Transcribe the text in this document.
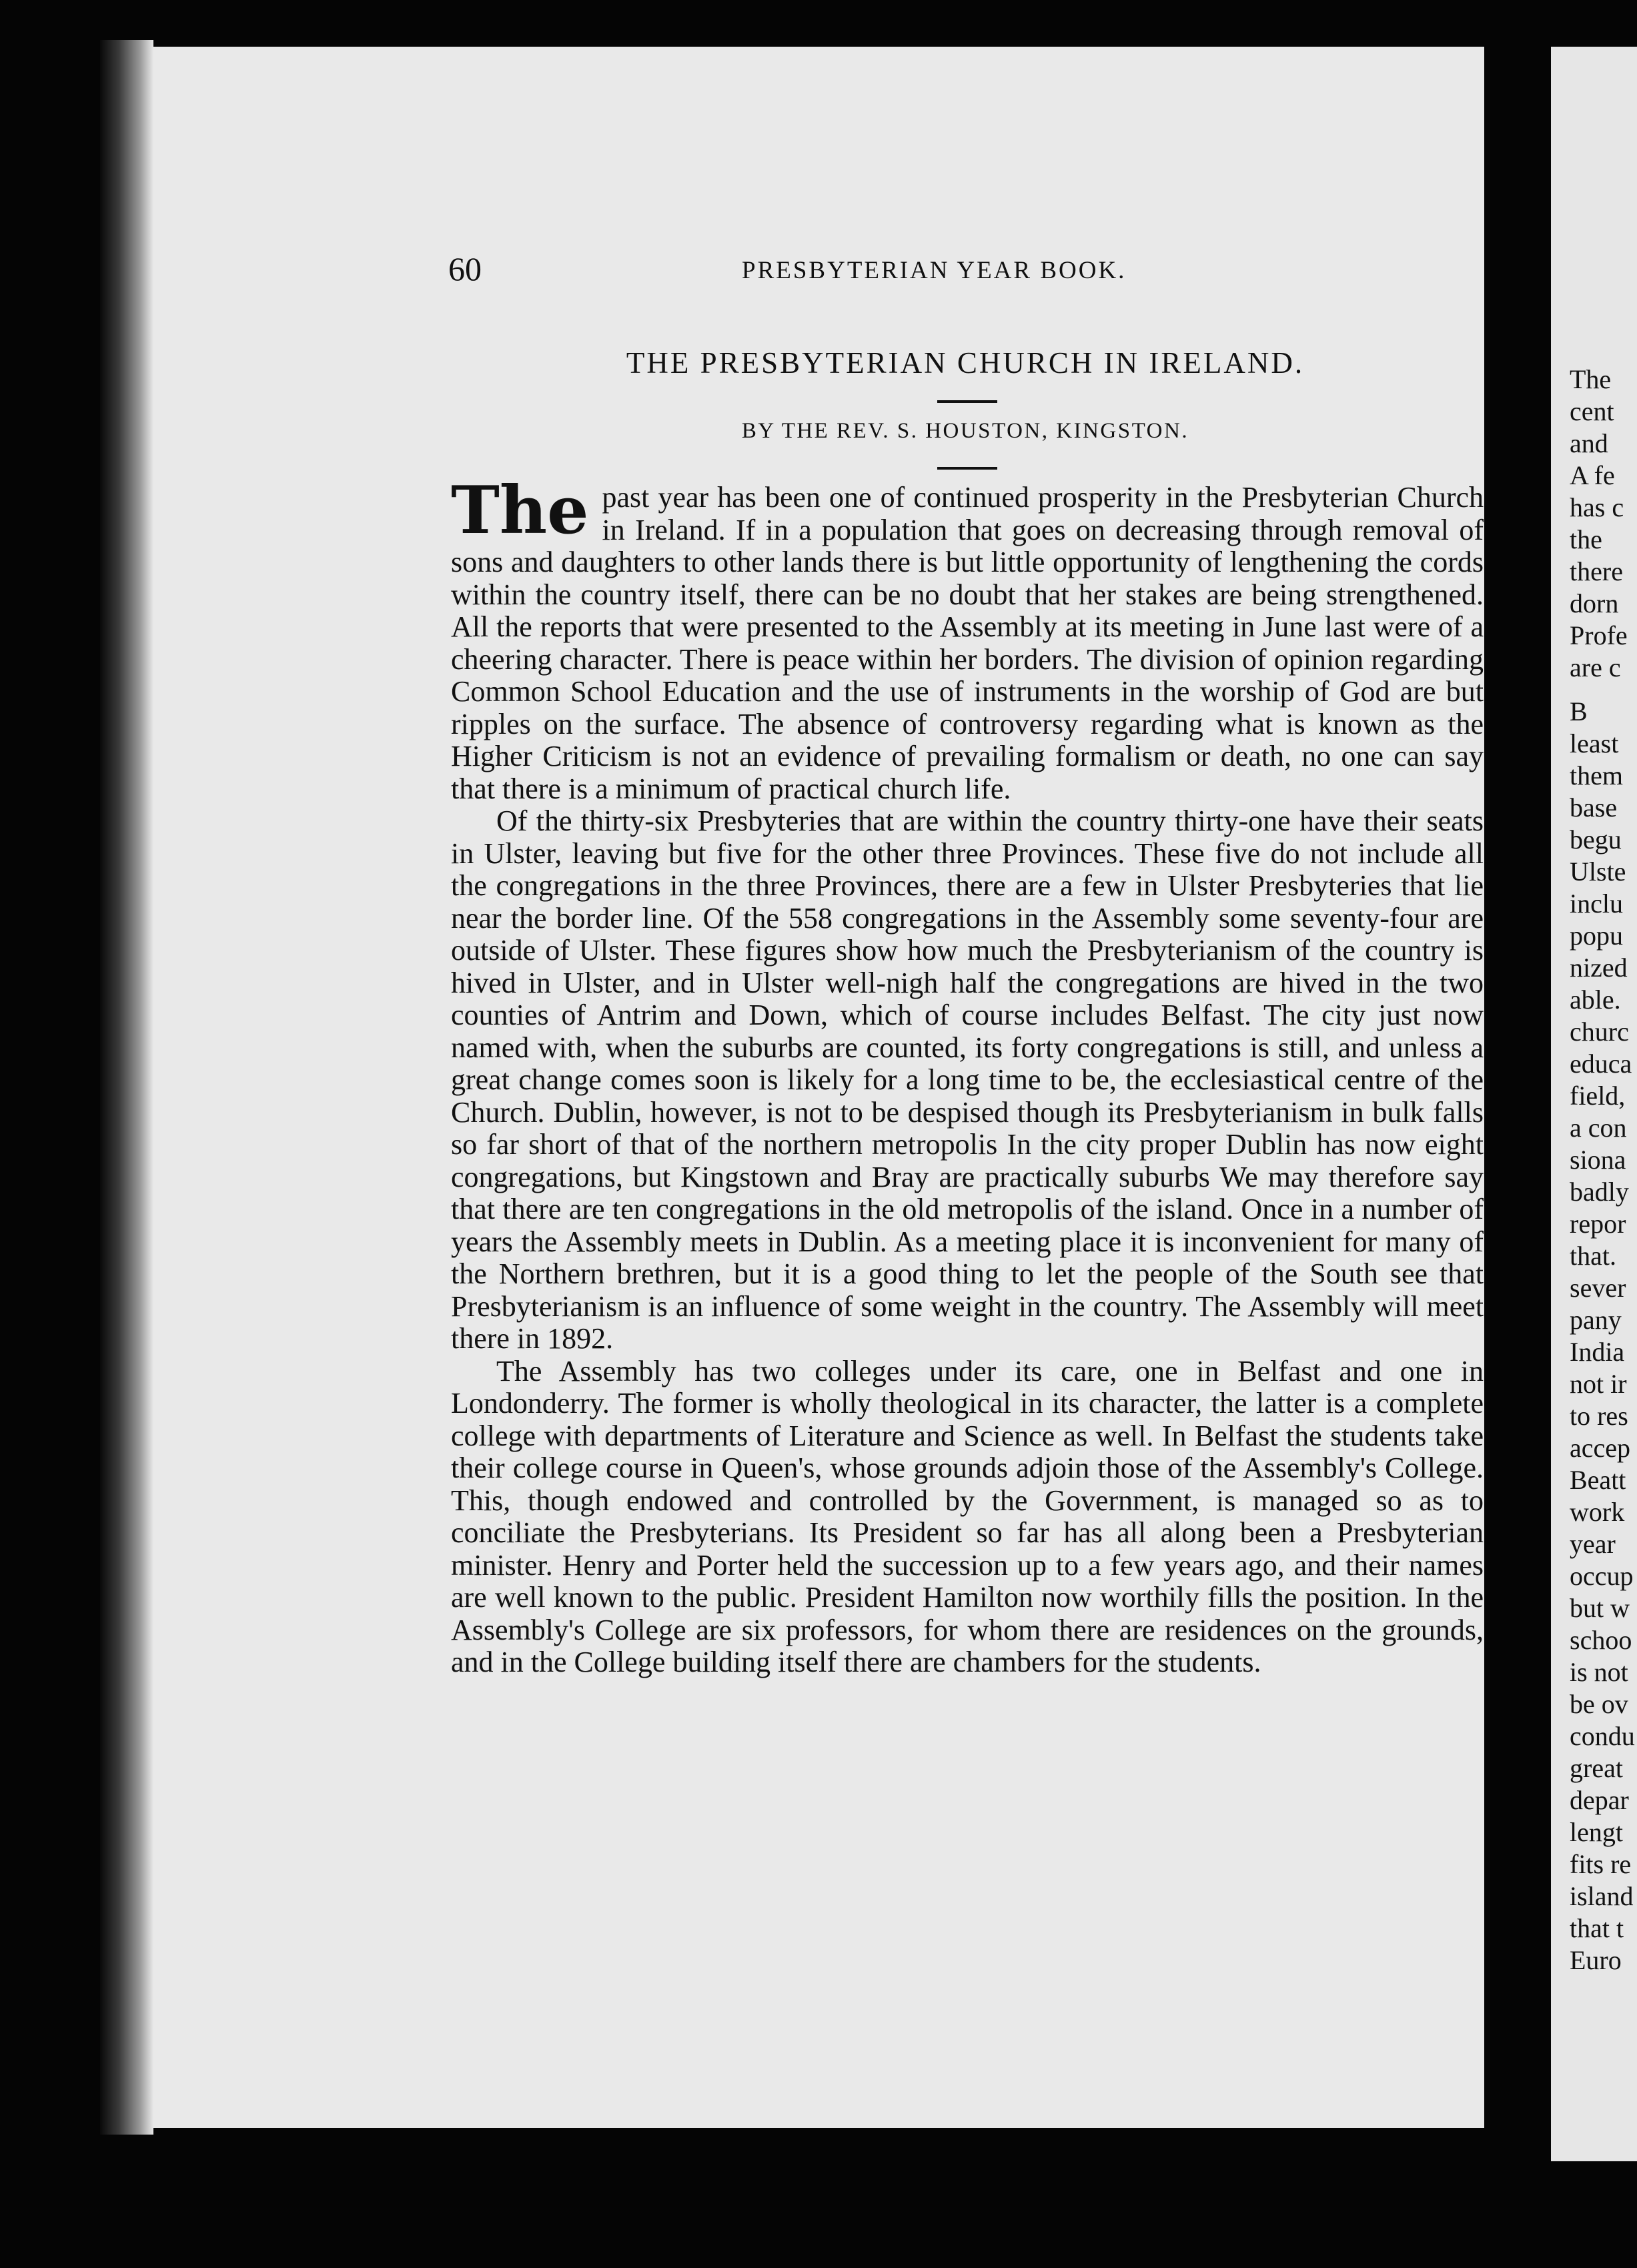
60	PRESBYTERIAN YEAR BOOK.
THE PRESBYTERIAN CHURCH IN IRELAND.
BY THE REV. S. HOUSTON, KINGSTON.

The past year has been one of continued prosperity in the Presbyterian Church in Ireland. If in a population that goes on decreasing through removal of sons and daughters to other lands there is but little opportunity of lengthening the cords within the country itself, there can be no doubt that her stakes are being strengthened. All the reports that were presented to the Assembly at its meeting in June last were of a cheering character. There is peace within her borders. The division of opinion regarding Common School Education and the use of instruments in the worship of God are but ripples on the surface. The absence of controversy regarding what is known as the Higher Criticism is not an evidence of prevailing formalism or death, no one can say that there is a minimum of practical church life.

Of the thirty-six Presbyteries that are within the country thirty-one have their seats in Ulster, leaving but five for the other three Provinces. These five do not include all the congregations in the three Provinces, there are a few in Ulster Presbyteries that lie near the border line. Of the 558 congregations in the Assembly some seventy-four are outside of Ulster. These figures show how much the Presbyterianism of the country is hived in Ulster, and in Ulster well-nigh half the congregations are hived in the two counties of Antrim and Down, which of course includes Belfast. The city just now named with, when the suburbs are counted, its forty congregations is still, and unless a great change comes soon is likely for a long time to be, the ecclesiastical centre of the Church. Dublin, however, is not to be despised though its Presbyterianism in bulk falls so far short of that of the northern metropolis In the city proper Dublin has now eight congregations, but Kingstown and Bray are practically suburbs We may therefore say that there are ten congregations in the old metropolis of the island. Once in a number of years the Assembly meets in Dublin. As a meeting place it is inconvenient for many of the Northern brethren, but it is a good thing to let the people of the South see that Presbyterianism is an influence of some weight in the country. The Assembly will meet there in 1892.

The Assembly has two colleges under its care, one in Belfast and one in Londonderry. The former is wholly theological in its character, the latter is a complete college with departments of Literature and Science as well. In Belfast the students take their college course in Queen's, whose grounds adjoin those of the Assembly's College. This, though endowed and controlled by the Government, is managed so as to conciliate the Presbyterians. Its President so far has all along been a Presbyterian minister. Henry and Porter held the succession up to a few years ago, and their names are well known to the public. President Hamilton now worthily fills the position. In the Assembly's College are six professors, for whom there are residences on the grounds, and in the College building itself there are chambers for the students.

The
cent
and
A fe
has c
the
there
dorn
Profe
are c
B
least
them
base
begu
Ulste
inclu
popu
nized
able.
churc
educa
field,
a con
siona
badly
repor
that.
sever
pany
India
not ir
to res
accep
Beatt
work
year
occup
but w
schoo
is not
be ov
condu
great
depar
lengt
fits re
island
that t
Euro
